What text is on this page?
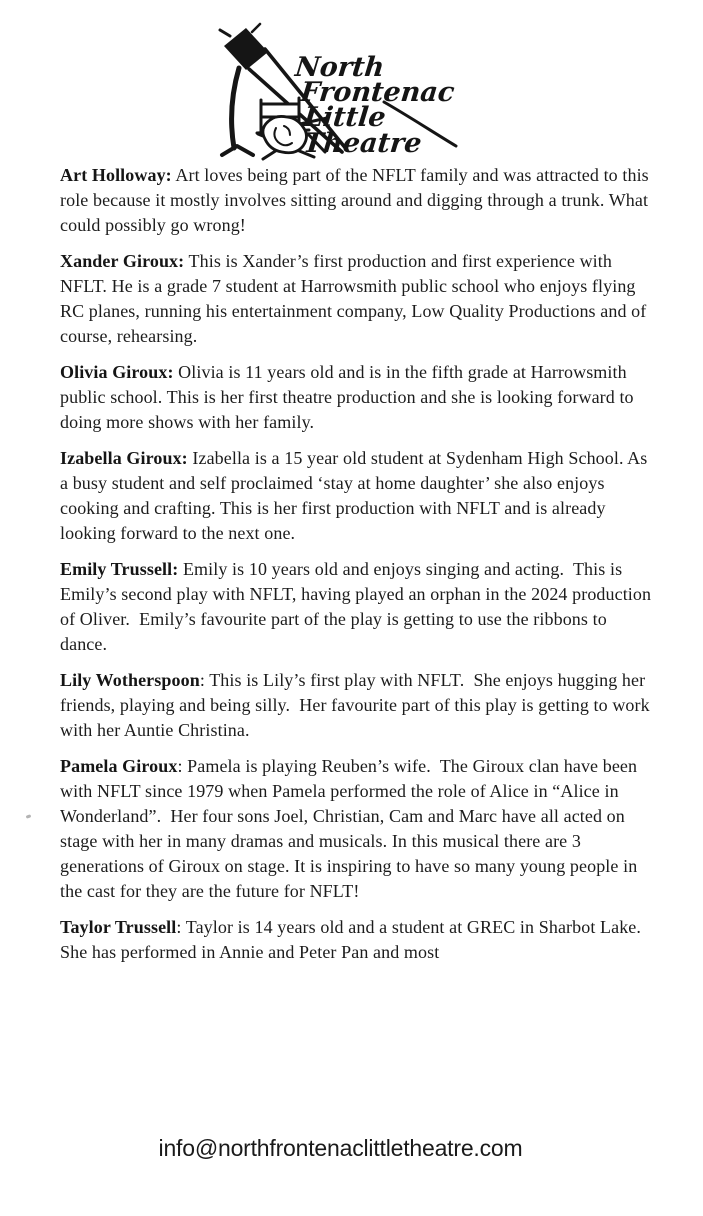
North
Frontenac
Little
Theatre

Art Holloway: Art loves being part of the NFLT family and was attracted to this role because it mostly involves sitting around and digging through a trunk. What could possibly go wrong!

Xander Giroux: This is Xander’s first production and first experience with NFLT. He is a grade 7 student at Harrowsmith public school who enjoys flying RC planes, running his entertainment company, Low Quality Productions and of course, rehearsing.

Olivia Giroux: Olivia is 11 years old and is in the fifth grade at Harrowsmith public school. This is her first theatre production and she is looking forward to doing more shows with her family.

Izabella Giroux: Izabella is a 15 year old student at Sydenham High School. As a busy student and self proclaimed ‘stay at home daughter’ she also enjoys cooking and crafting. This is her first production with NFLT and is already looking forward to the next one.

Emily Trussell: Emily is 10 years old and enjoys singing and acting.  This is Emily’s second play with NFLT, having played an orphan in the 2024 production of Oliver.  Emily’s favourite part of the play is getting to use the ribbons to dance.

Lily Wotherspoon: This is Lily’s first play with NFLT.  She enjoys hugging her friends, playing and being silly.  Her favourite part of this play is getting to work with her Auntie Christina.

Pamela Giroux: Pamela is playing Reuben’s wife.  The Giroux clan have been with NFLT since 1979 when Pamela performed the role of Alice in “Alice in Wonderland”.  Her four sons Joel, Christian, Cam and Marc have all acted on stage with her in many dramas and musicals. In this musical there are 3 generations of Giroux on stage. It is inspiring to have so many young people in the cast for they are the future for NFLT!

Taylor Trussell: Taylor is 14 years old and a student at GREC in Sharbot Lake. She has performed in Annie and Peter Pan and most

info@northfrontenaclittletheatre.com
